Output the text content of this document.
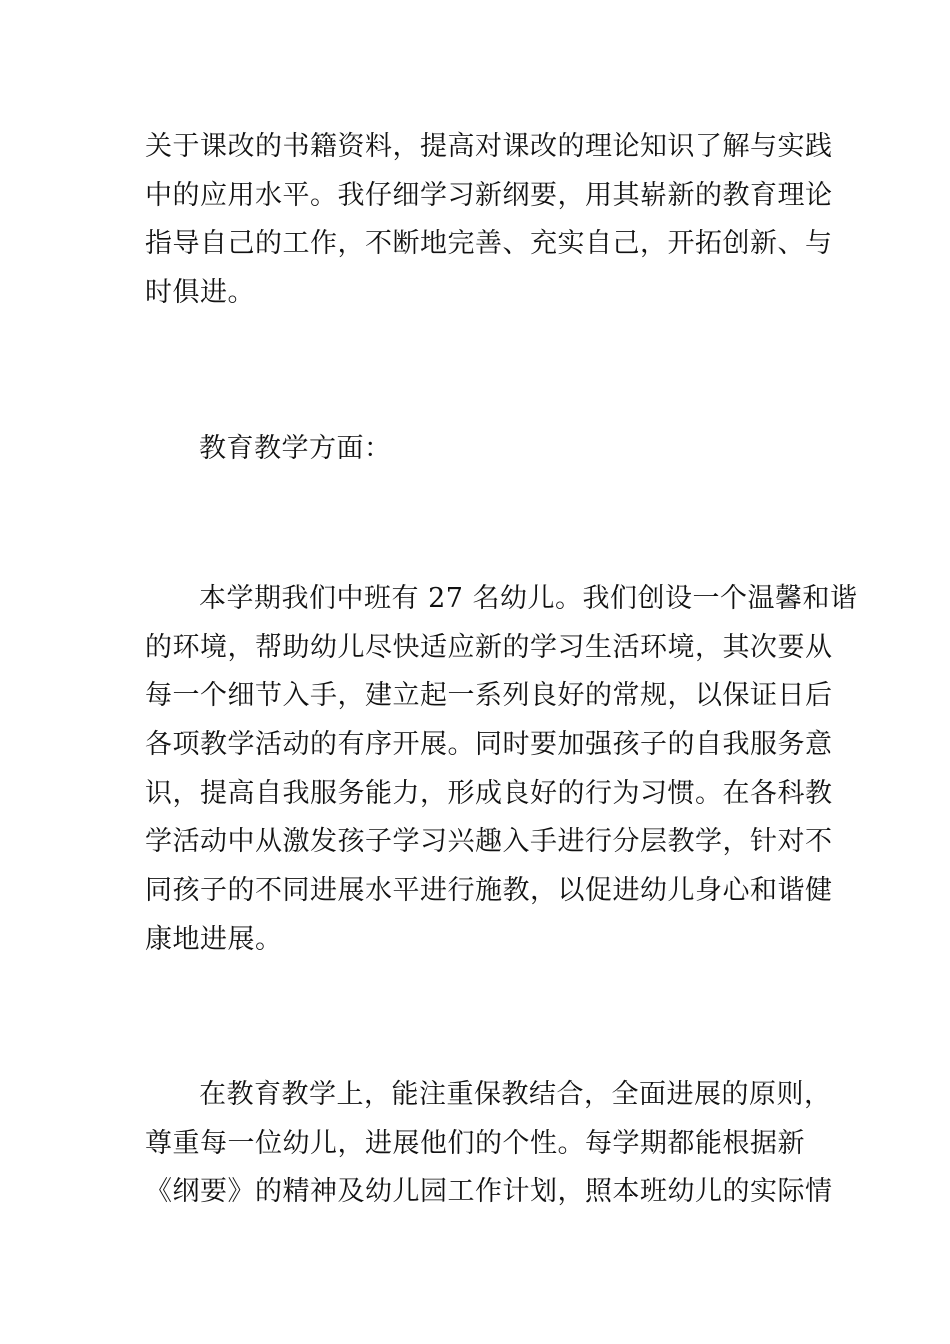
关于课改的书籍资料，提高对课改的理论知识了解与实践
中的应用水平。我仔细学习新纲要，用其崭新的教育理论
指导自己的工作，不断地完善、充实自己，开拓创新、与
时俱进。
教育教学方面：
本学期我们中班有 27 名幼儿。我们创设一个温馨和谐
的环境，帮助幼儿尽快适应新的学习生活环境，其次要从
每一个细节入手，建立起一系列良好的常规，以保证日后
各项教学活动的有序开展。同时要加强孩子的自我服务意
识，提高自我服务能力，形成良好的行为习惯。在各科教
学活动中从激发孩子学习兴趣入手进行分层教学，针对不
同孩子的不同进展水平进行施教，以促进幼儿身心和谐健
康地进展。
在教育教学上，能注重保教结合，全面进展的原则，
尊重每一位幼儿，进展他们的个性。每学期都能根据新
《纲要》的精神及幼儿园工作计划，照本班幼儿的实际情
